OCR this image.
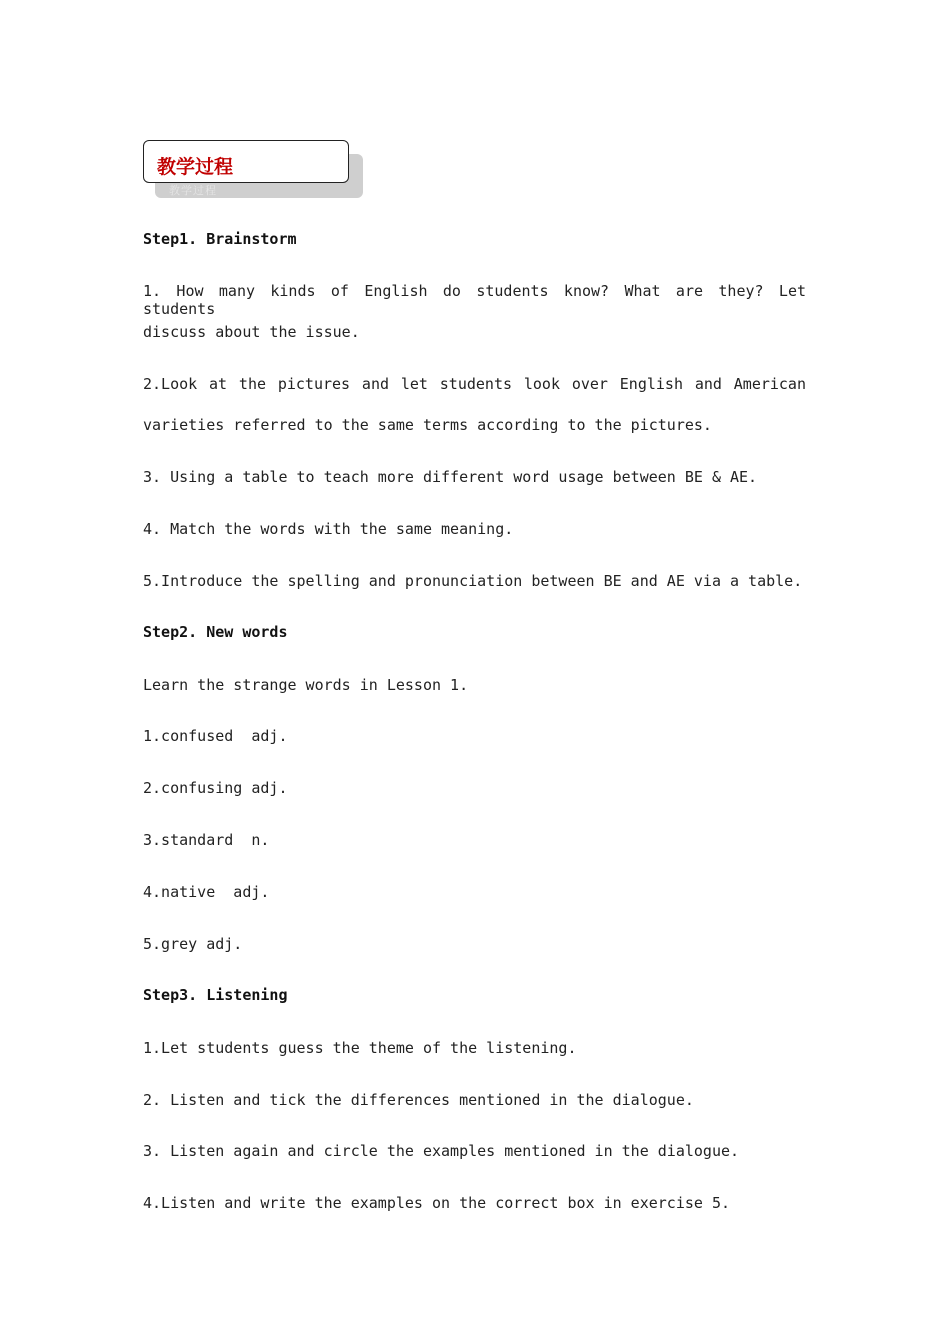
教学过程
教学过程
Step1. Brainstorm
1. How many kinds of English do students know? What are they? Let students
discuss about the issue.
2.Look at the pictures and let students look over English and American
varieties referred to the same terms according to the pictures.
3. Using a table to teach more different word usage between BE & AE.
4. Match the words with the same meaning.
5.Introduce the spelling and pronunciation between BE and AE via a table.
Step2. New words
Learn the strange words in Lesson 1.
1.confused  adj.
2.confusing adj.
3.standard  n.
4.native  adj.
5.grey adj.
Step3. Listening
1.Let students guess the theme of the listening.
2. Listen and tick the differences mentioned in the dialogue.
3. Listen again and circle the examples mentioned in the dialogue.
4.Listen and write the examples on the correct box in exercise 5.
